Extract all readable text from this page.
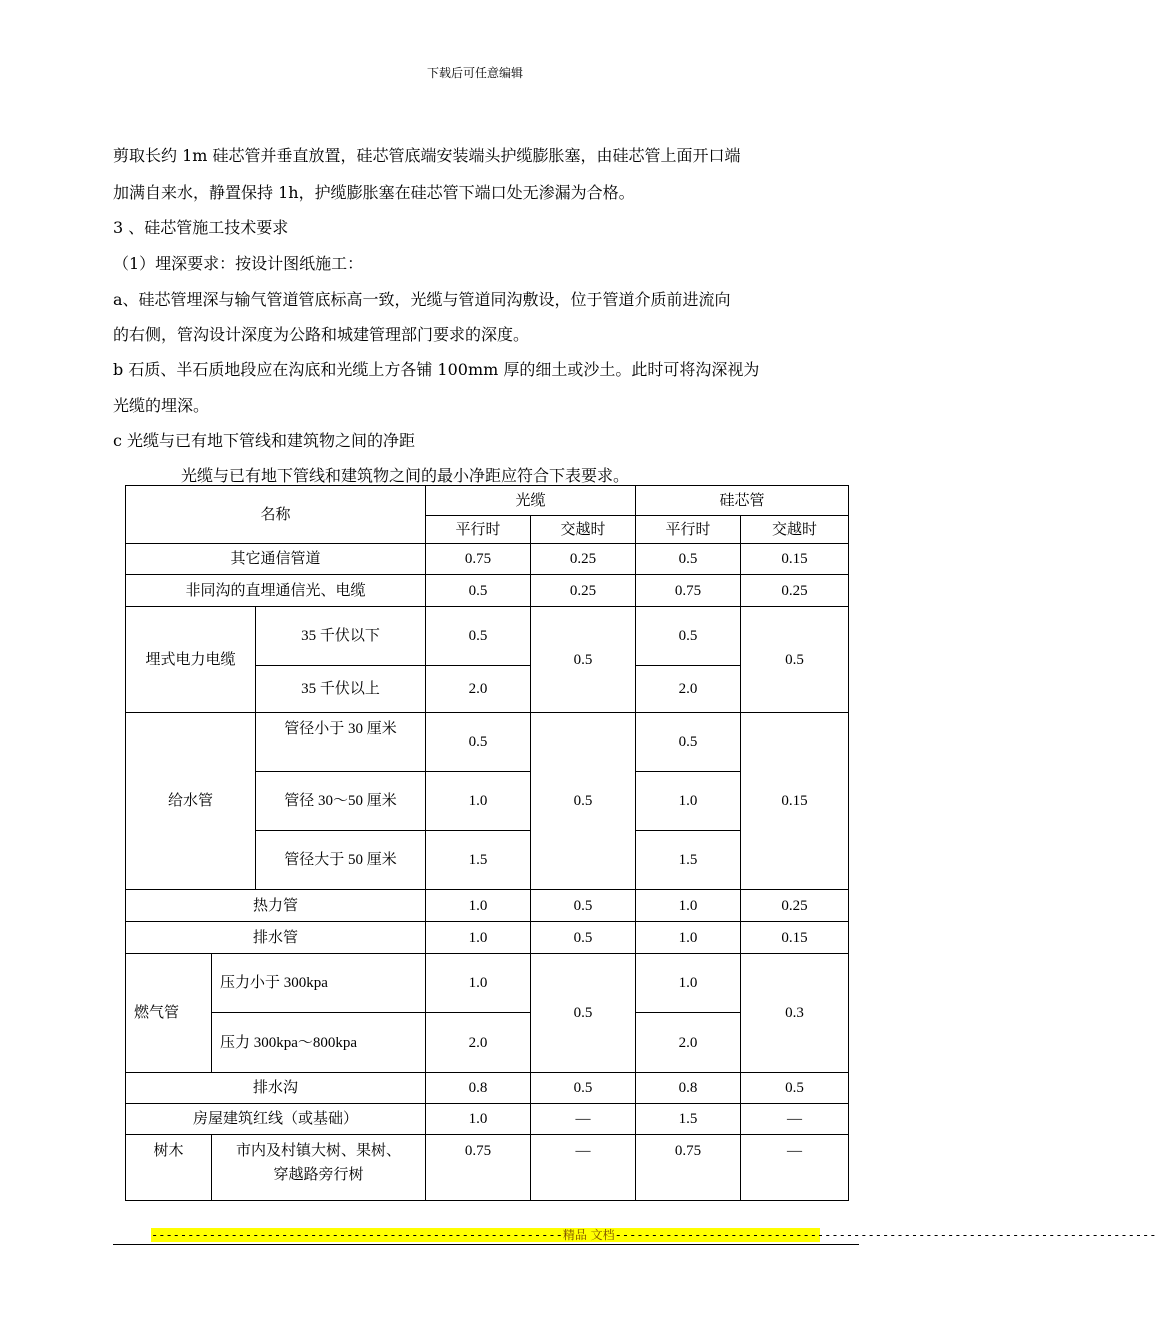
下载后可任意编辑
剪取长约 1m 硅芯管并垂直放置，硅芯管底端安装端头护缆膨胀塞，由硅芯管上面开口端
加满自来水，静置保持 1h，护缆膨胀塞在硅芯管下端口处无渗漏为合格。
3 、硅芯管施工技术要求
（1）埋深要求：按设计图纸施工：
a、硅芯管埋深与输气管道管底标高一致，光缆与管道同沟敷设，位于管道介质前进流向
的右侧，管沟设计深度为公路和城建管理部门要求的深度。
b 石质、半石质地段应在沟底和光缆上方各铺 100mm 厚的细土或沙土。此时可将沟深视为
光缆的埋深。
c 光缆与已有地下管线和建筑物之间的净距
光缆与已有地下管线和建筑物之间的最小净距应符合下表要求。
名称			光缆		硅芯管	
			平行时	交越时	平行时	交越时
其它通信管道			0.75	0.25	0.5	0.15
非同沟的直埋通信光、电缆			0.5	0.25	0.75	0.25
埋式电力电缆		35 千伏以下	0.5	0.5	0.5	0.5
		35 千伏以上	2.0		2.0	
给水管		管径小于 30 厘米	0.5	0.5	0.5	0.15
		管径 30～50 厘米	1.0		1.0	
		管径大于 50 厘米	1.5		1.5	
热力管			1.0	0.5	1.0	0.25
排水管			1.0	0.5	1.0	0.15
燃气管	压力小于 300kpa		1.0	0.5	1.0	0.3
	压力 300kpa～800kpa		2.0		2.0	
排水沟			0.8	0.5	0.8	0.5
房屋建筑红线（或基础）			1.0	—	1.5	—
树木	市内及村镇大树、果树、
穿越路旁行树		0.75	—	0.75	—
---------------------------------------------------------精品 文档---------------------------------------------------------------------------
